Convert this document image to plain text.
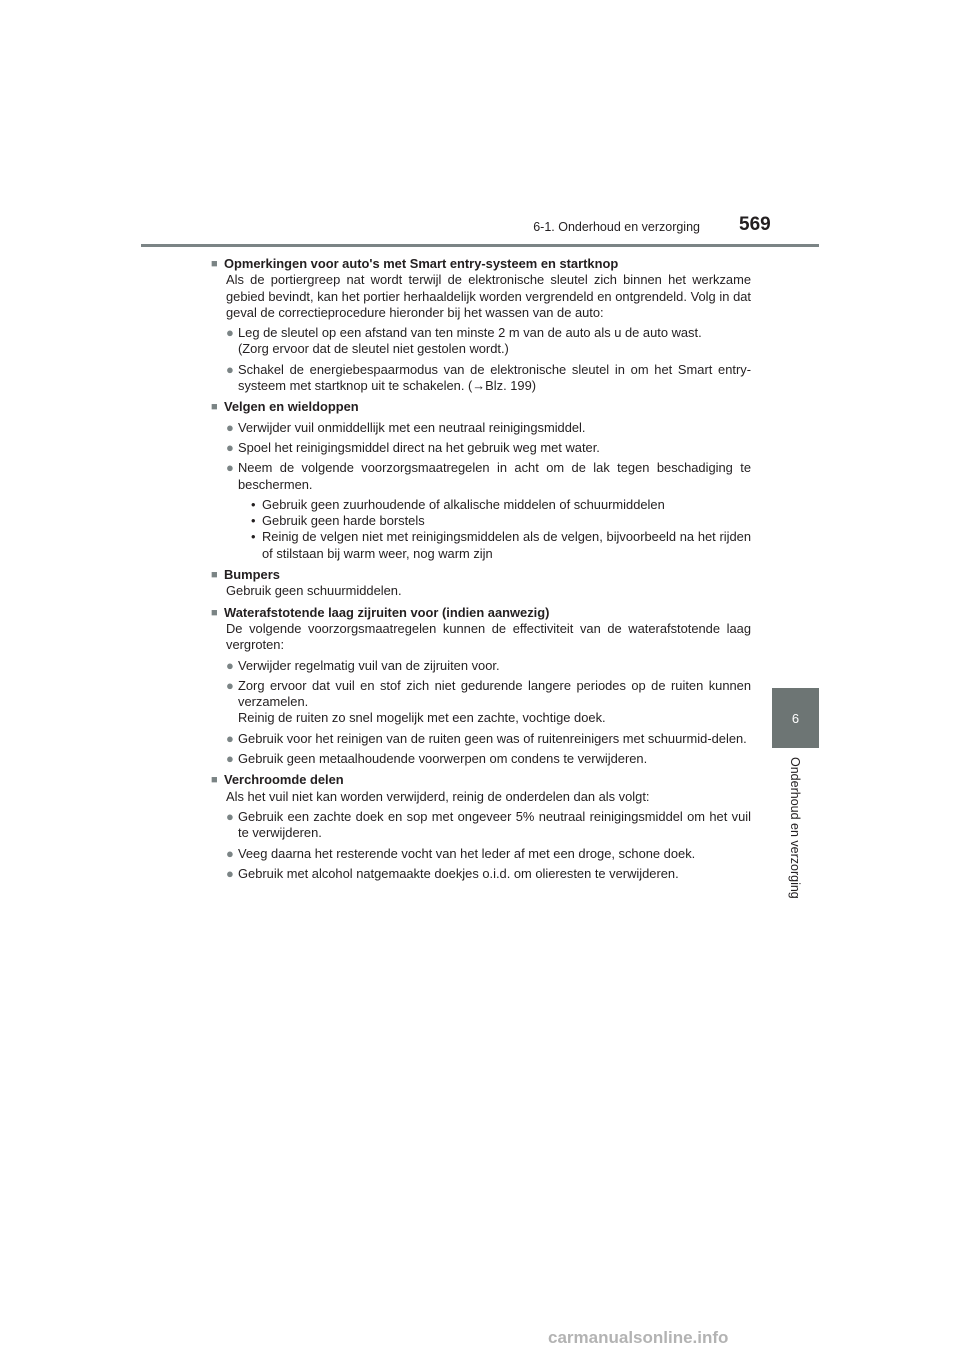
6-1. Onderhoud en verzorging 569
6
Onderhoud en verzorging
■ Opmerkingen voor auto's met Smart entry-systeem en startknop
Als de portiergreep nat wordt terwijl de elektronische sleutel zich binnen het werkzame gebied bevindt, kan het portier herhaaldelijk worden vergrendeld en ontgrendeld. Volg in dat geval de correctieprocedure hieronder bij het wassen van de auto:
● Leg de sleutel op een afstand van ten minste 2 m van de auto als u de auto wast.
(Zorg ervoor dat de sleutel niet gestolen wordt.)
● Schakel de energiebespaarmodus van de elektronische sleutel in om het Smart entry-systeem met startknop uit te schakelen. (→Blz. 199)
■ Velgen en wieldoppen
● Verwijder vuil onmiddellijk met een neutraal reinigingsmiddel.
● Spoel het reinigingsmiddel direct na het gebruik weg met water.
● Neem de volgende voorzorgsmaatregelen in acht om de lak tegen beschadiging te beschermen.
• Gebruik geen zuurhoudende of alkalische middelen of schuurmiddelen
• Gebruik geen harde borstels
• Reinig de velgen niet met reinigingsmiddelen als de velgen, bijvoorbeeld na het rijden of stilstaan bij warm weer, nog warm zijn
■ Bumpers
Gebruik geen schuurmiddelen.
■ Waterafstotende laag zijruiten voor (indien aanwezig)
De volgende voorzorgsmaatregelen kunnen de effectiviteit van de waterafstotende laag vergroten:
● Verwijder regelmatig vuil van de zijruiten voor.
● Zorg ervoor dat vuil en stof zich niet gedurende langere periodes op de ruiten kunnen verzamelen.
Reinig de ruiten zo snel mogelijk met een zachte, vochtige doek.
● Gebruik voor het reinigen van de ruiten geen was of ruitenreinigers met schuurmid-delen.
● Gebruik geen metaalhoudende voorwerpen om condens te verwijderen.
■ Verchroomde delen
Als het vuil niet kan worden verwijderd, reinig de onderdelen dan als volgt:
● Gebruik een zachte doek en sop met ongeveer 5% neutraal reinigingsmiddel om het vuil te verwijderen.
● Veeg daarna het resterende vocht van het leder af met een droge, schone doek.
● Gebruik met alcohol natgemaakte doekjes o.i.d. om olieresten te verwijderen.
carmanualsonline.info
